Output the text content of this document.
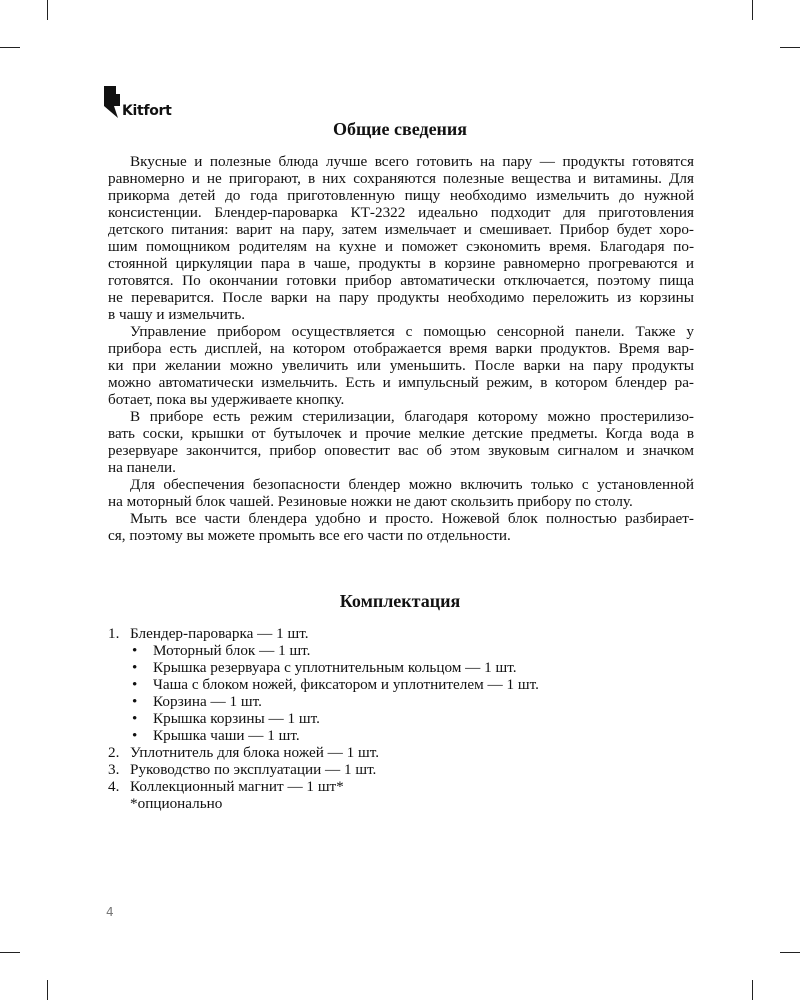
Kitfort
Общие сведения
Вкусные и полезные блюда лучше всего готовить на пару — продукты готовятся
равномерно и не пригорают, в них сохраняются полезные вещества и витамины. Для
прикорма детей до года приготовленную пищу необходимо измельчить до нужной
консистенции. Блендер-пароварка КТ-2322 идеально подходит для приготовления
детского питания: варит на пару, затем измельчает и смешивает. Прибор будет хоро-
шим помощником родителям на кухне и поможет сэкономить время. Благодаря по-
стоянной циркуляции пара в чаше, продукты в корзине равномерно прогреваются и
готовятся. По окончании готовки прибор автоматически отключается, поэтому пища
не переварится. После варки на пару продукты необходимо переложить из корзины
в чашу и измельчить.
Управление прибором осуществляется с помощью сенсорной панели. Также у
прибора есть дисплей, на котором отображается время варки продуктов. Время вар-
ки при желании можно увеличить или уменьшить. После варки на пару продукты
можно автоматически измельчить. Есть и импульсный режим, в котором блендер ра-
ботает, пока вы удерживаете кнопку.
В приборе есть режим стерилизации, благодаря которому можно простерилизо-
вать соски, крышки от бутылочек и прочие мелкие детские предметы. Когда вода в
резервуаре закончится, прибор оповестит вас об этом звуковым сигналом и значком
на панели.
Для обеспечения безопасности блендер можно включить только с установленной
на моторный блок чашей. Резиновые ножки не дают скользить прибору по столу.
Мыть все части блендера удобно и просто. Ножевой блок полностью разбирает-
ся, поэтому вы можете промыть все его части по отдельности.
Комплектация
1. Блендер-пароварка — 1 шт.
•	Моторный блок — 1 шт.
•	Крышка резервуара с уплотнительным кольцом — 1 шт.
•	Чаша с блоком ножей, фиксатором и уплотнителем — 1 шт.
•	Корзина — 1 шт.
•	Крышка корзины — 1 шт.
•	Крышка чаши — 1 шт.
2. Уплотнитель для блока ножей — 1 шт.
3. Руководство по эксплуатации — 1 шт.
4. Коллекционный магнит — 1 шт*
*опционально
4
